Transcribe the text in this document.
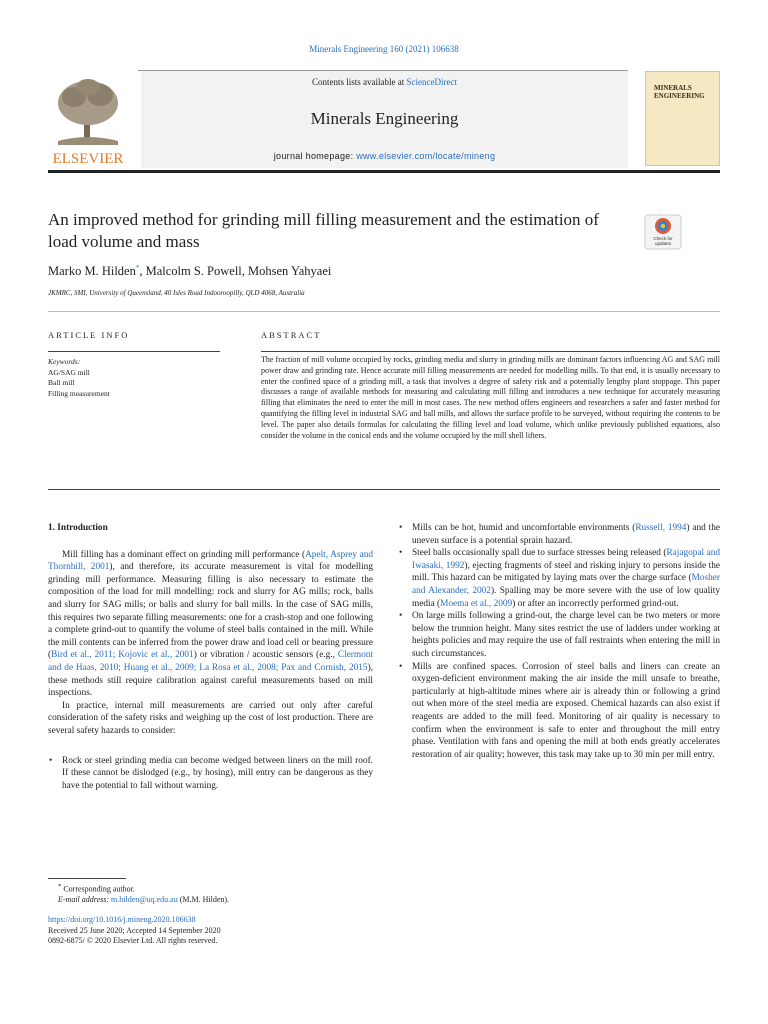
Minerals Engineering 160 (2021) 106638
ELSEVIER
Contents lists available at ScienceDirect
Minerals Engineering
journal homepage: www.elsevier.com/locate/mineng
MINERALS
ENGINEERING
An improved method for grinding mill filling measurement and the estimation of load volume and mass	Check for
updates
Marko M. Hilden*, Malcolm S. Powell, Mohsen Yahyaei
JKMRC, SMI, University of Queensland, 40 Isles Road Indooroopilly, QLD 4068, Australia
ARTICLE INFO	ABSTRACT
Keywords:
AG/SAG mill
Ball mill
Filling measurement
The fraction of mill volume occupied by rocks, grinding media and slurry in grinding mills are dominant factors influencing AG and SAG mill power draw and grinding rate. Hence accurate mill filling measurements are needed for modelling mills. To that end, it is usually necessary to enter the confined space of a grinding mill, a task that involves a degree of safety risk and a potentially lengthy plant stoppage. This paper discusses a range of available methods for measuring and calculating mill filling and introduces a new technique for accurately measuring filling that eliminates the need to enter the mill in most cases. The new method offers engineers and researchers a safer and faster method for quantifying the filling level in industrial SAG and ball mills, and allows the surface profile to be surveyed, without requiring the contents to be level. The paper also details formulas for calculating the filling level and load volume, which unlike previously published equations, also consider the volume in the conical ends and the volume occupied by the mill shell lifters.
1. Introduction

Mill filling has a dominant effect on grinding mill performance (Apelt, Asprey and Thornhill, 2001), and therefore, its accurate measurement is vital for modelling grinding mill performance. Measuring filling is also necessary to estimate the composition of the load for mill modelling: rock and slurry for AG mills; rock, balls and slurry for SAG mills; or balls and slurry for ball mills. In the case of SAG mills, this requires two separate filling measurements: one for a crash-stop and one following a complete grind-out to quantify the volume of steel balls contained in the mill. While the mill contents can be inferred from the power draw and load cell or bearing pressure (Bird et al., 2011; Kojovic et al., 2001) or vibration / acoustic sensors (e.g., Clermont and de Haas, 2010; Huang et al., 2009; La Rosa et al., 2008; Pax and Cornish, 2015), these methods still require calibration against careful measurements based on mill inspections.

In practice, internal mill measurements are carried out only after careful consideration of the safety risks and weighing up the cost of lost production. There are several safety hazards to consider:

• Rock or steel grinding media can become wedged between liners on the mill roof. If these cannot be dislodged (e.g., by hosing), mill entry can be dangerous as they have the potential to fall without warning.
• Mills can be hot, humid and uncomfortable environments (Russell, 1994) and the uneven surface is a potential sprain hazard.
• Steel balls occasionally spall due to surface stresses being released (Rajagopal and Iwasaki, 1992), ejecting fragments of steel and risking injury to persons inside the mill. This hazard can be mitigated by laying mats over the charge surface (Mosher and Alexander, 2002). Spalling may be more severe with the use of low quality media (Moema et al., 2009) or after an incorrectly performed grind-out.
• On large mills following a grind-out, the charge level can be two meters or more below the trunnion height. Many sites restrict the use of ladders under working at heights policies and may require the use of fall restraints when entering the mill in such circumstances.
• Mills are confined spaces. Corrosion of steel balls and liners can create an oxygen-deficient environment making the air inside the mill unsafe to breathe, particularly at high-altitude mines where air is already thin or following a grind out when more of the steel media are exposed. Chemical hazards can also exist if reagents are added to the mill feed. Monitoring of air quality is necessary to confirm when the environment is safe to enter and throughout the mill entry phase. Ventilation with fans and opening the mill at both ends greatly accelerates restoration of air quality; however, this task may take up to 30 min per mill entry.
* Corresponding author.
E-mail address: m.hilden@uq.edu.au (M.M. Hilden).
https://doi.org/10.1016/j.mineng.2020.106638
Received 25 June 2020; Accepted 14 September 2020
0892-6875/ © 2020 Elsevier Ltd. All rights reserved.
